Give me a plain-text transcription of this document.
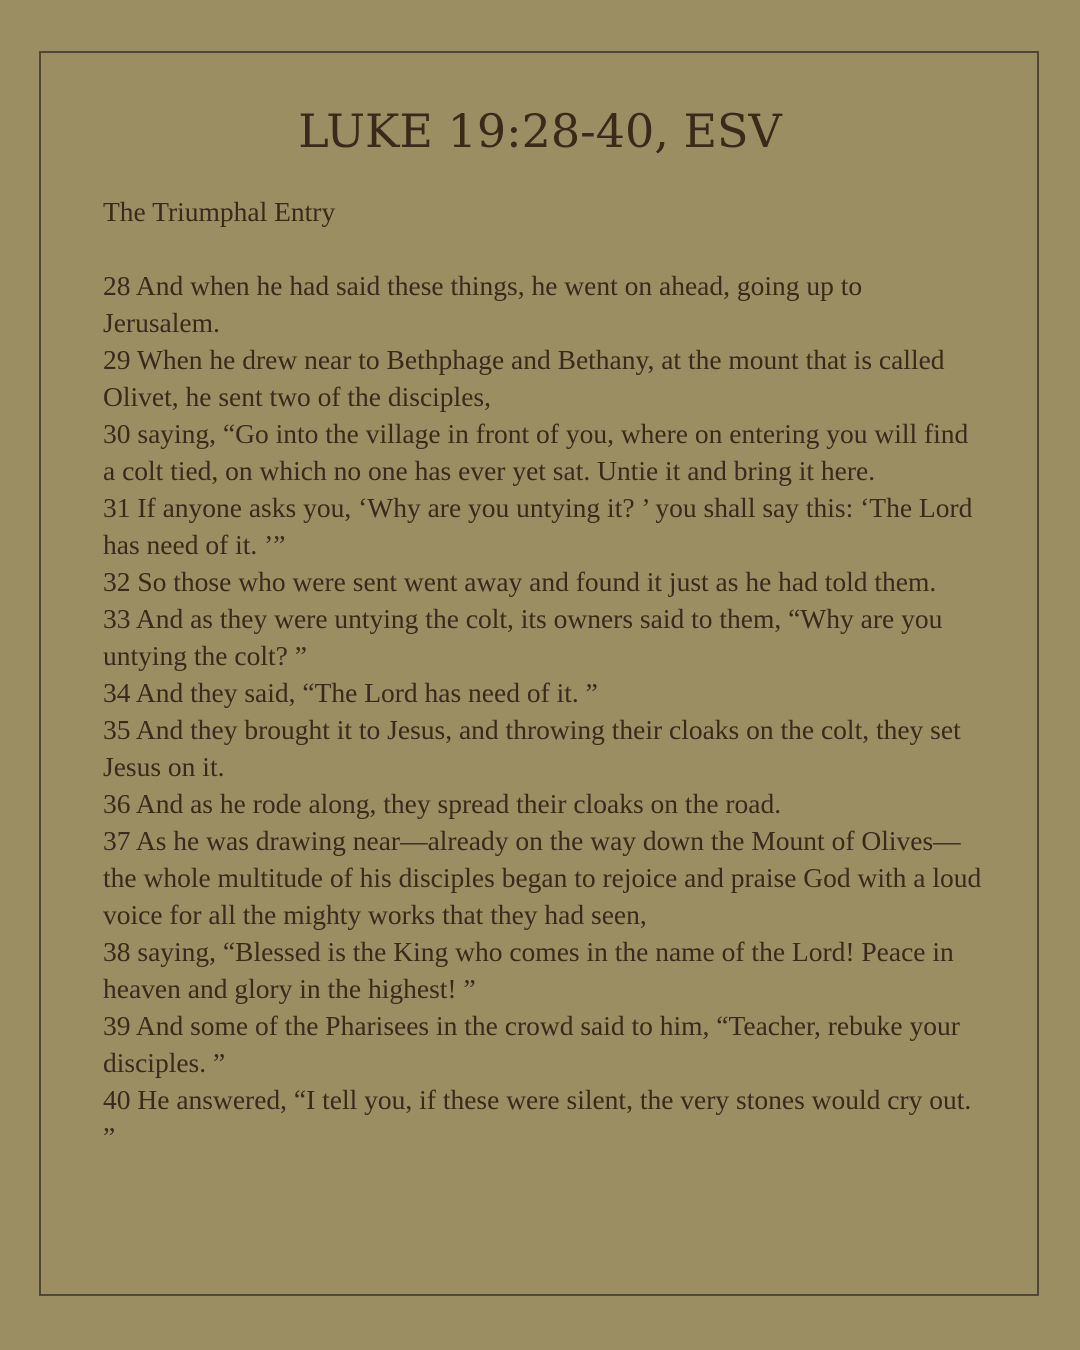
LUKE 19:28-40, ESV
The Triumphal Entry
28 And when he had said these things, he went on ahead, going up to Jerusalem.
29 When he drew near to Bethphage and Bethany, at the mount that is called Olivet, he sent two of the disciples,
30 saying, “Go into the village in front of you, where on entering you will find a colt tied, on which no one has ever yet sat. Untie it and bring it here.
31 If anyone asks you, ‘Why are you untying it? ’ you shall say this: ‘The Lord has need of it. ’”
32 So those who were sent went away and found it just as he had told them.
33 And as they were untying the colt, its owners said to them, “Why are you untying the colt? ”
34 And they said, “The Lord has need of it. ”
35 And they brought it to Jesus, and throwing their cloaks on the colt, they set Jesus on it.
36 And as he rode along, they spread their cloaks on the road.
37 As he was drawing near—already on the way down the Mount of Olives— the whole multitude of his disciples began to rejoice and praise God with a loud voice for all the mighty works that they had seen,
38 saying, “Blessed is the King who comes in the name of the Lord! Peace in heaven and glory in the highest! ”
39 And some of the Pharisees in the crowd said to him, “Teacher, rebuke your disciples. ”
40 He answered, “I tell you, if these were silent, the very stones would cry out. ”
